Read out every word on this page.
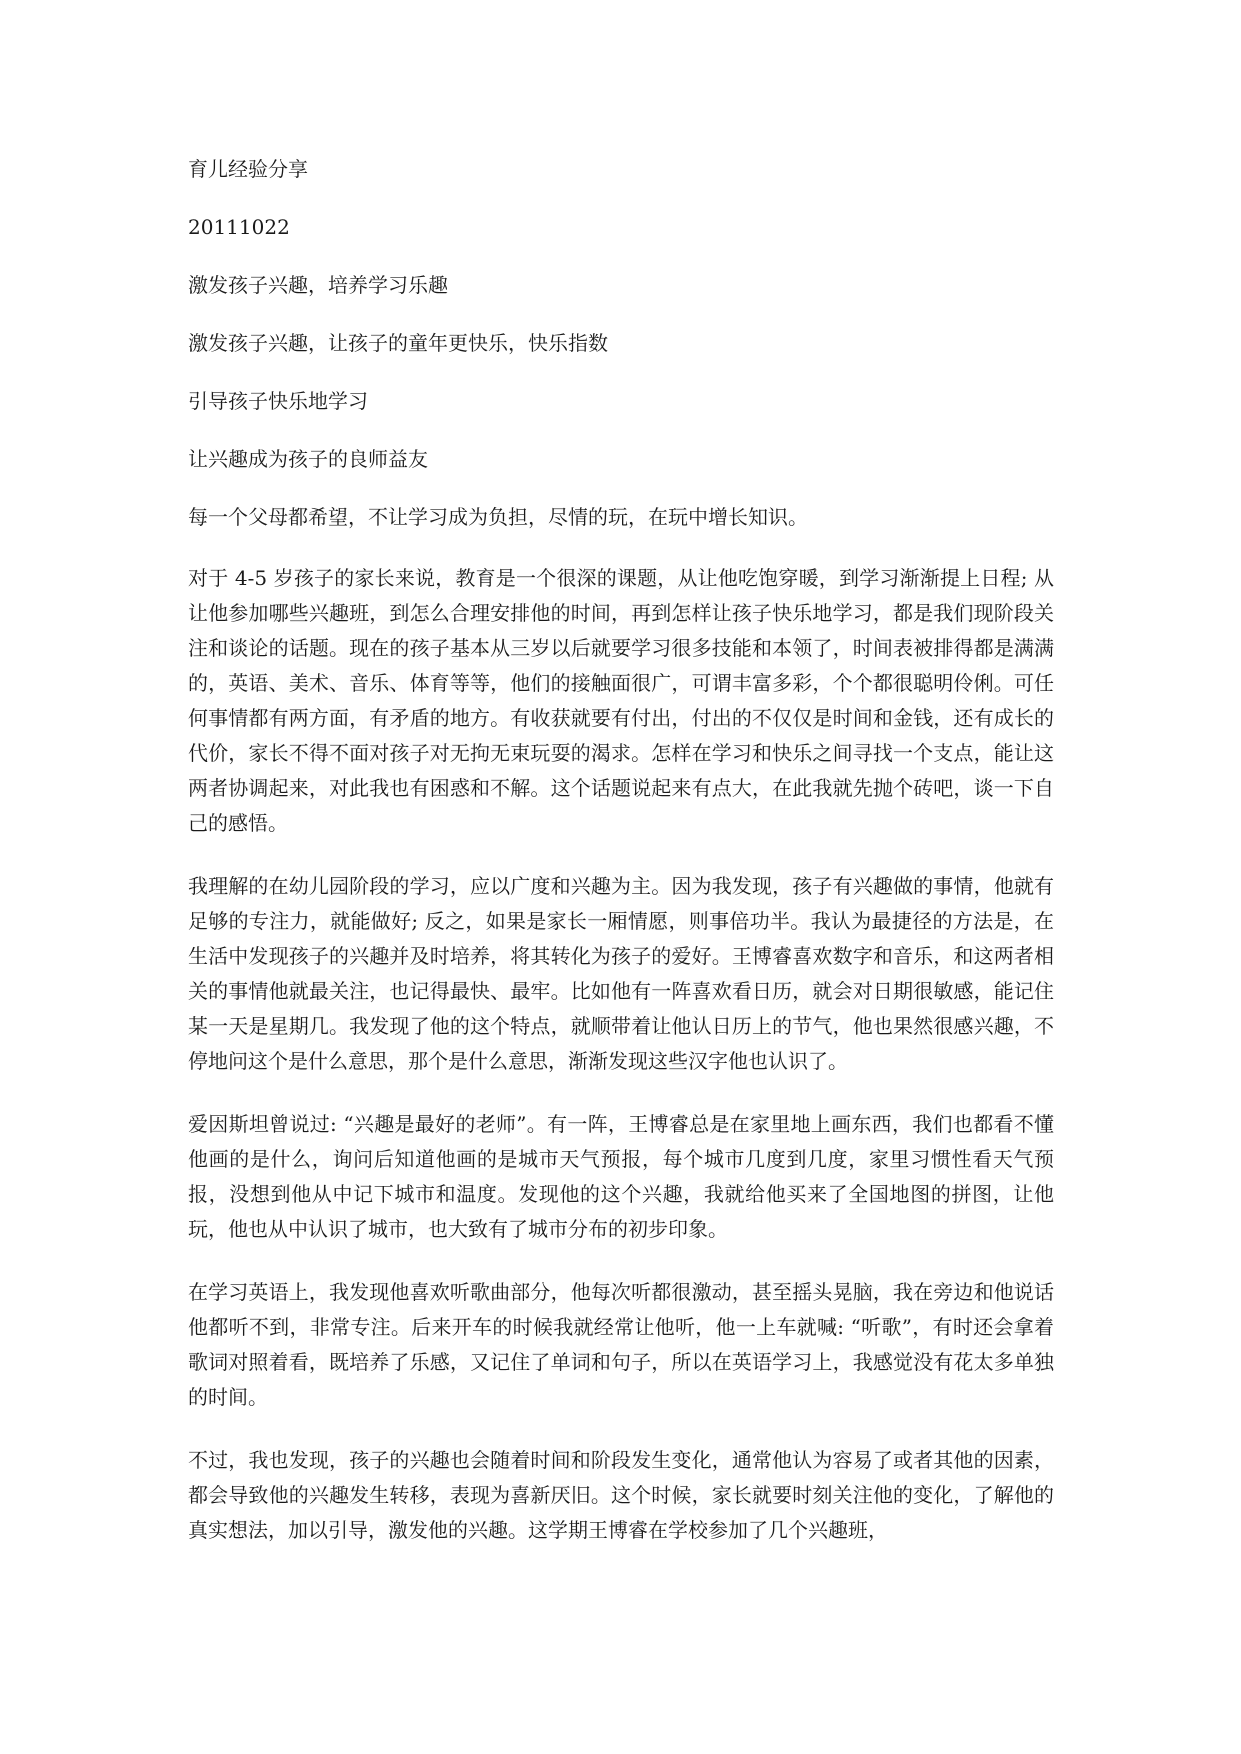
育儿经验分享
20111022
激发孩子兴趣，培养学习乐趣
激发孩子兴趣，让孩子的童年更快乐，快乐指数
引导孩子快乐地学习
让兴趣成为孩子的良师益友
每一个父母都希望，不让学习成为负担，尽情的玩，在玩中增长知识。

对于 4-5 岁孩子的家长来说，教育是一个很深的课题，从让他吃饱穿暖，到学习渐渐提上日程; 从让他参加哪些兴趣班，到怎么合理安排他的时间，再到怎样让孩子快乐地学习，都是我们现阶段关注和谈论的话题。现在的孩子基本从三岁以后就要学习很多技能和本领了，时间表被排得都是满满的，英语、美术、音乐、体育等等，他们的接触面很广，可谓丰富多彩，个个都很聪明伶俐。可任何事情都有两方面，有矛盾的地方。有收获就要有付出，付出的不仅仅是时间和金钱，还有成长的代价，家长不得不面对孩子对无拘无束玩耍的渴求。怎样在学习和快乐之间寻找一个支点，能让这两者协调起来，对此我也有困惑和不解。这个话题说起来有点大，在此我就先抛个砖吧，谈一下自己的感悟。

我理解的在幼儿园阶段的学习，应以广度和兴趣为主。因为我发现，孩子有兴趣做的事情，他就有足够的专注力，就能做好; 反之，如果是家长一厢情愿，则事倍功半。我认为最捷径的方法是，在生活中发现孩子的兴趣并及时培养，将其转化为孩子的爱好。王博睿喜欢数字和音乐，和这两者相关的事情他就最关注，也记得最快、最牢。比如他有一阵喜欢看日历，就会对日期很敏感，能记住某一天是星期几。我发现了他的这个特点，就顺带着让他认日历上的节气，他也果然很感兴趣，不停地问这个是什么意思，那个是什么意思，渐渐发现这些汉字他也认识了。

爱因斯坦曾说过: “兴趣是最好的老师”。有一阵，王博睿总是在家里地上画东西，我们也都看不懂他画的是什么，询问后知道他画的是城市天气预报，每个城市几度到几度，家里习惯性看天气预报，没想到他从中记下城市和温度。发现他的这个兴趣，我就给他买来了全国地图的拼图，让他玩，他也从中认识了城市，也大致有了城市分布的初步印象。

在学习英语上，我发现他喜欢听歌曲部分，他每次听都很激动，甚至摇头晃脑，我在旁边和他说话他都听不到，非常专注。后来开车的时候我就经常让他听，他一上车就喊: “听歌”，有时还会拿着歌词对照着看，既培养了乐感，又记住了单词和句子，所以在英语学习上，我感觉没有花太多单独的时间。

不过，我也发现，孩子的兴趣也会随着时间和阶段发生变化，通常他认为容易了或者其他的因素，都会导致他的兴趣发生转移，表现为喜新厌旧。这个时候，家长就要时刻关注他的变化，了解他的真实想法，加以引导，激发他的兴趣。这学期王博睿在学校参加了几个兴趣班，
